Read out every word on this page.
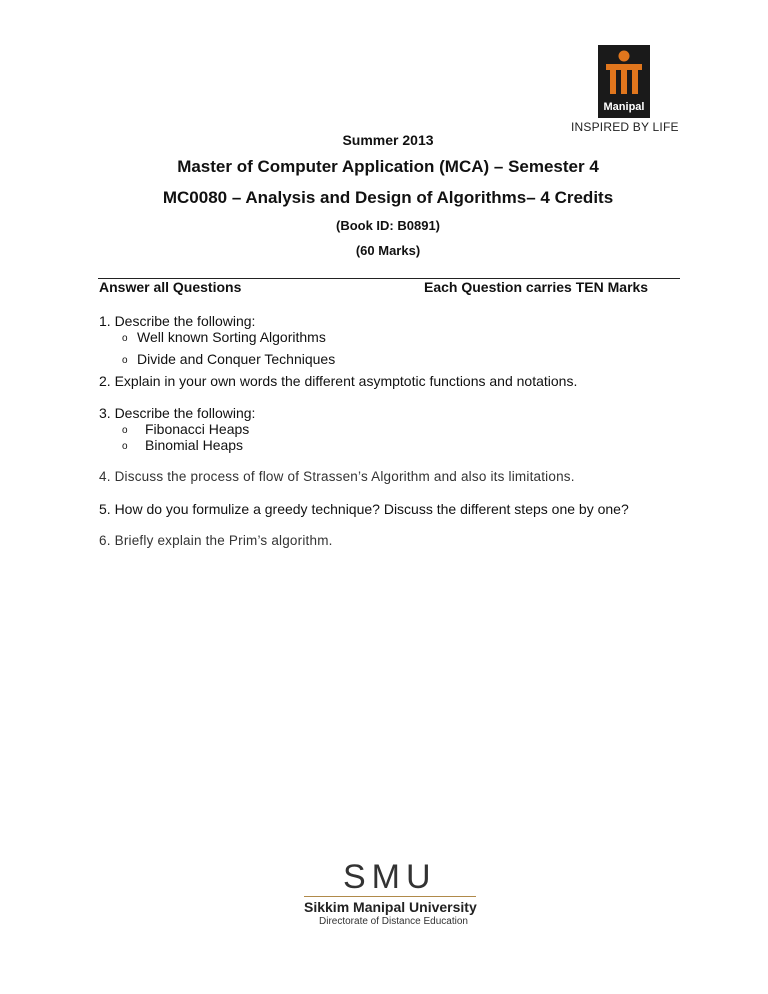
Manipal
INSPIRED BY LIFE
Summer 2013
Master of Computer Application (MCA) – Semester 4
MC0080 – Analysis and Design of Algorithms– 4 Credits
(Book ID: B0891)
(60 Marks)
Answer all Questions	Each Question carries TEN Marks
1. Describe the following:
o Well known Sorting Algorithms
o Divide and Conquer Techniques
2. Explain in your own words the different asymptotic functions and notations.
3. Describe the following:
o Fibonacci Heaps
o Binomial Heaps
4. Discuss the process of flow of Strassen’s Algorithm and also its limitations.
5. How do you formulize a greedy technique? Discuss the different steps one by one?
6. Briefly explain the Prim’s algorithm.
SMU
Sikkim Manipal University
Directorate of Distance Education
